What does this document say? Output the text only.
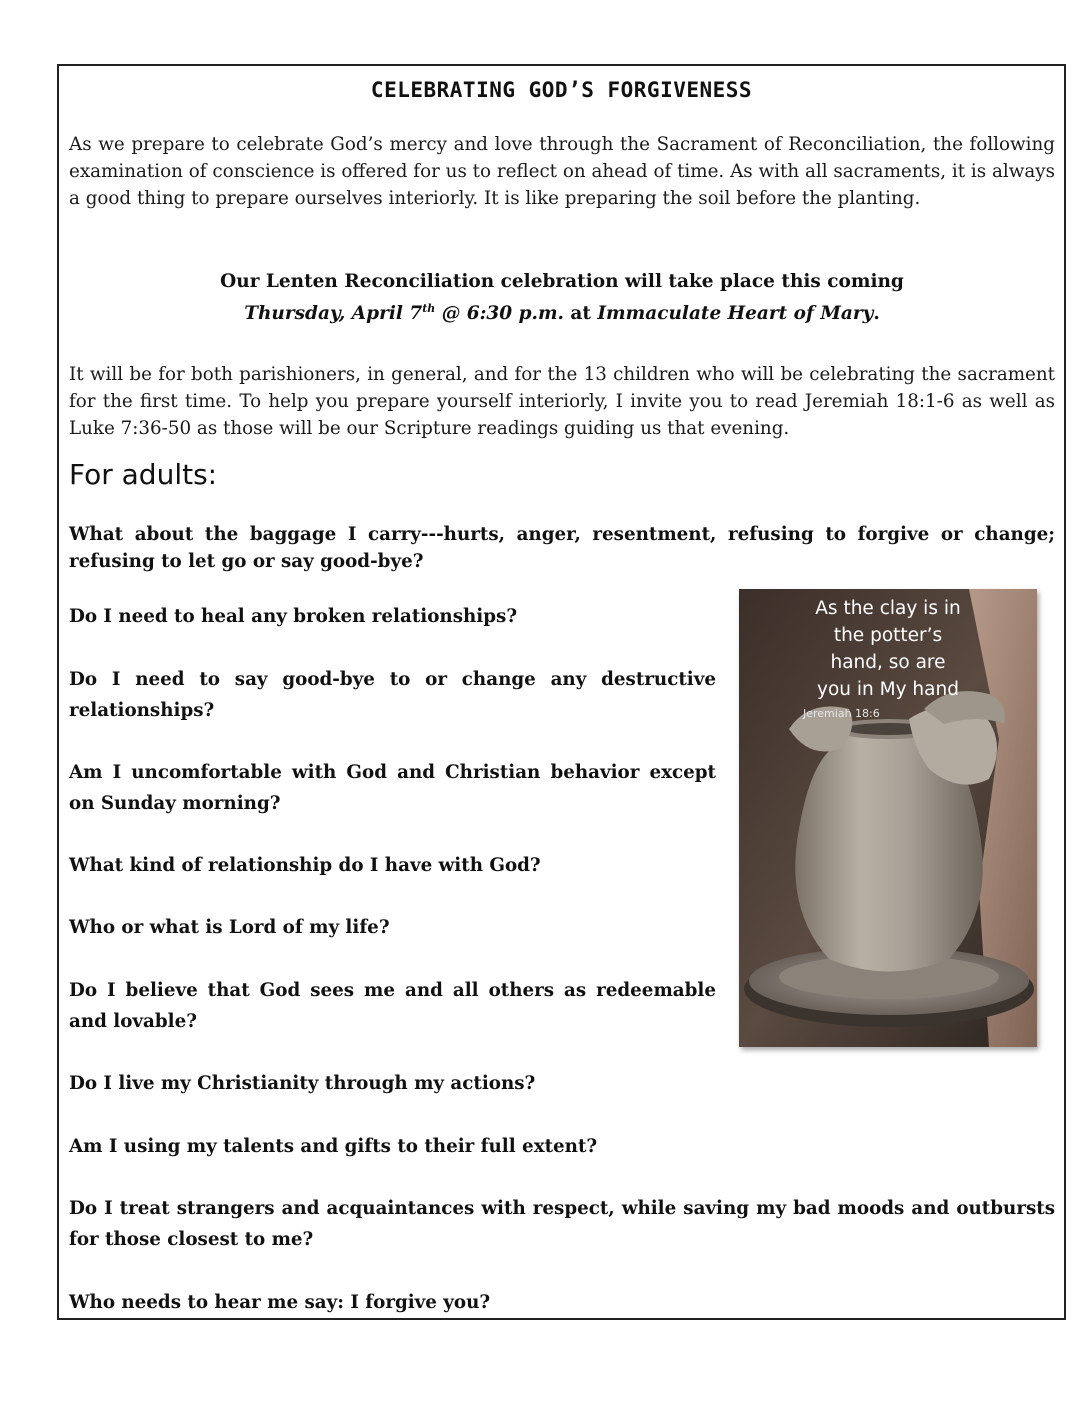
CELEBRATING GOD’S FORGIVENESS
As we prepare to celebrate God’s mercy and love through the Sacrament of Reconciliation, the following examination of conscience is offered for us to reflect on ahead of time. As with all sacraments, it is always a good thing to prepare ourselves interiorly. It is like preparing the soil before the planting.
Our Lenten Reconciliation celebration will take place this coming
Thursday, April 7th @ 6:30 p.m. at Immaculate Heart of Mary.
It will be for both parishioners, in general, and for the 13 children who will be celebrating the sacrament for the first time. To help you prepare yourself interiorly, I invite you to read Jeremiah 18:1-6 as well as Luke 7:36-50 as those will be our Scripture readings guiding us that evening.
For adults:
What about the baggage I carry---hurts, anger, resentment, refusing to forgive or change; refusing to let go or say good-bye?
Do I need to heal any broken relationships?
Do I need to say good-bye to or change any destructive relationships?
Am I uncomfortable with God and Christian behavior except on Sunday morning?
What kind of relationship do I have with God?
Who or what is Lord of my life?
Do I believe that God sees me and all others as redeemable and lovable?
Do I live my Christianity through my actions?
Am I using my talents and gifts to their full extent?
Do I treat strangers and acquaintances with respect, while saving my bad moods and outbursts for those closest to me?
Who needs to hear me say: I forgive you?
As the clay is in
the potter’s
hand, so are
you in My hand
Jeremiah 18:6
